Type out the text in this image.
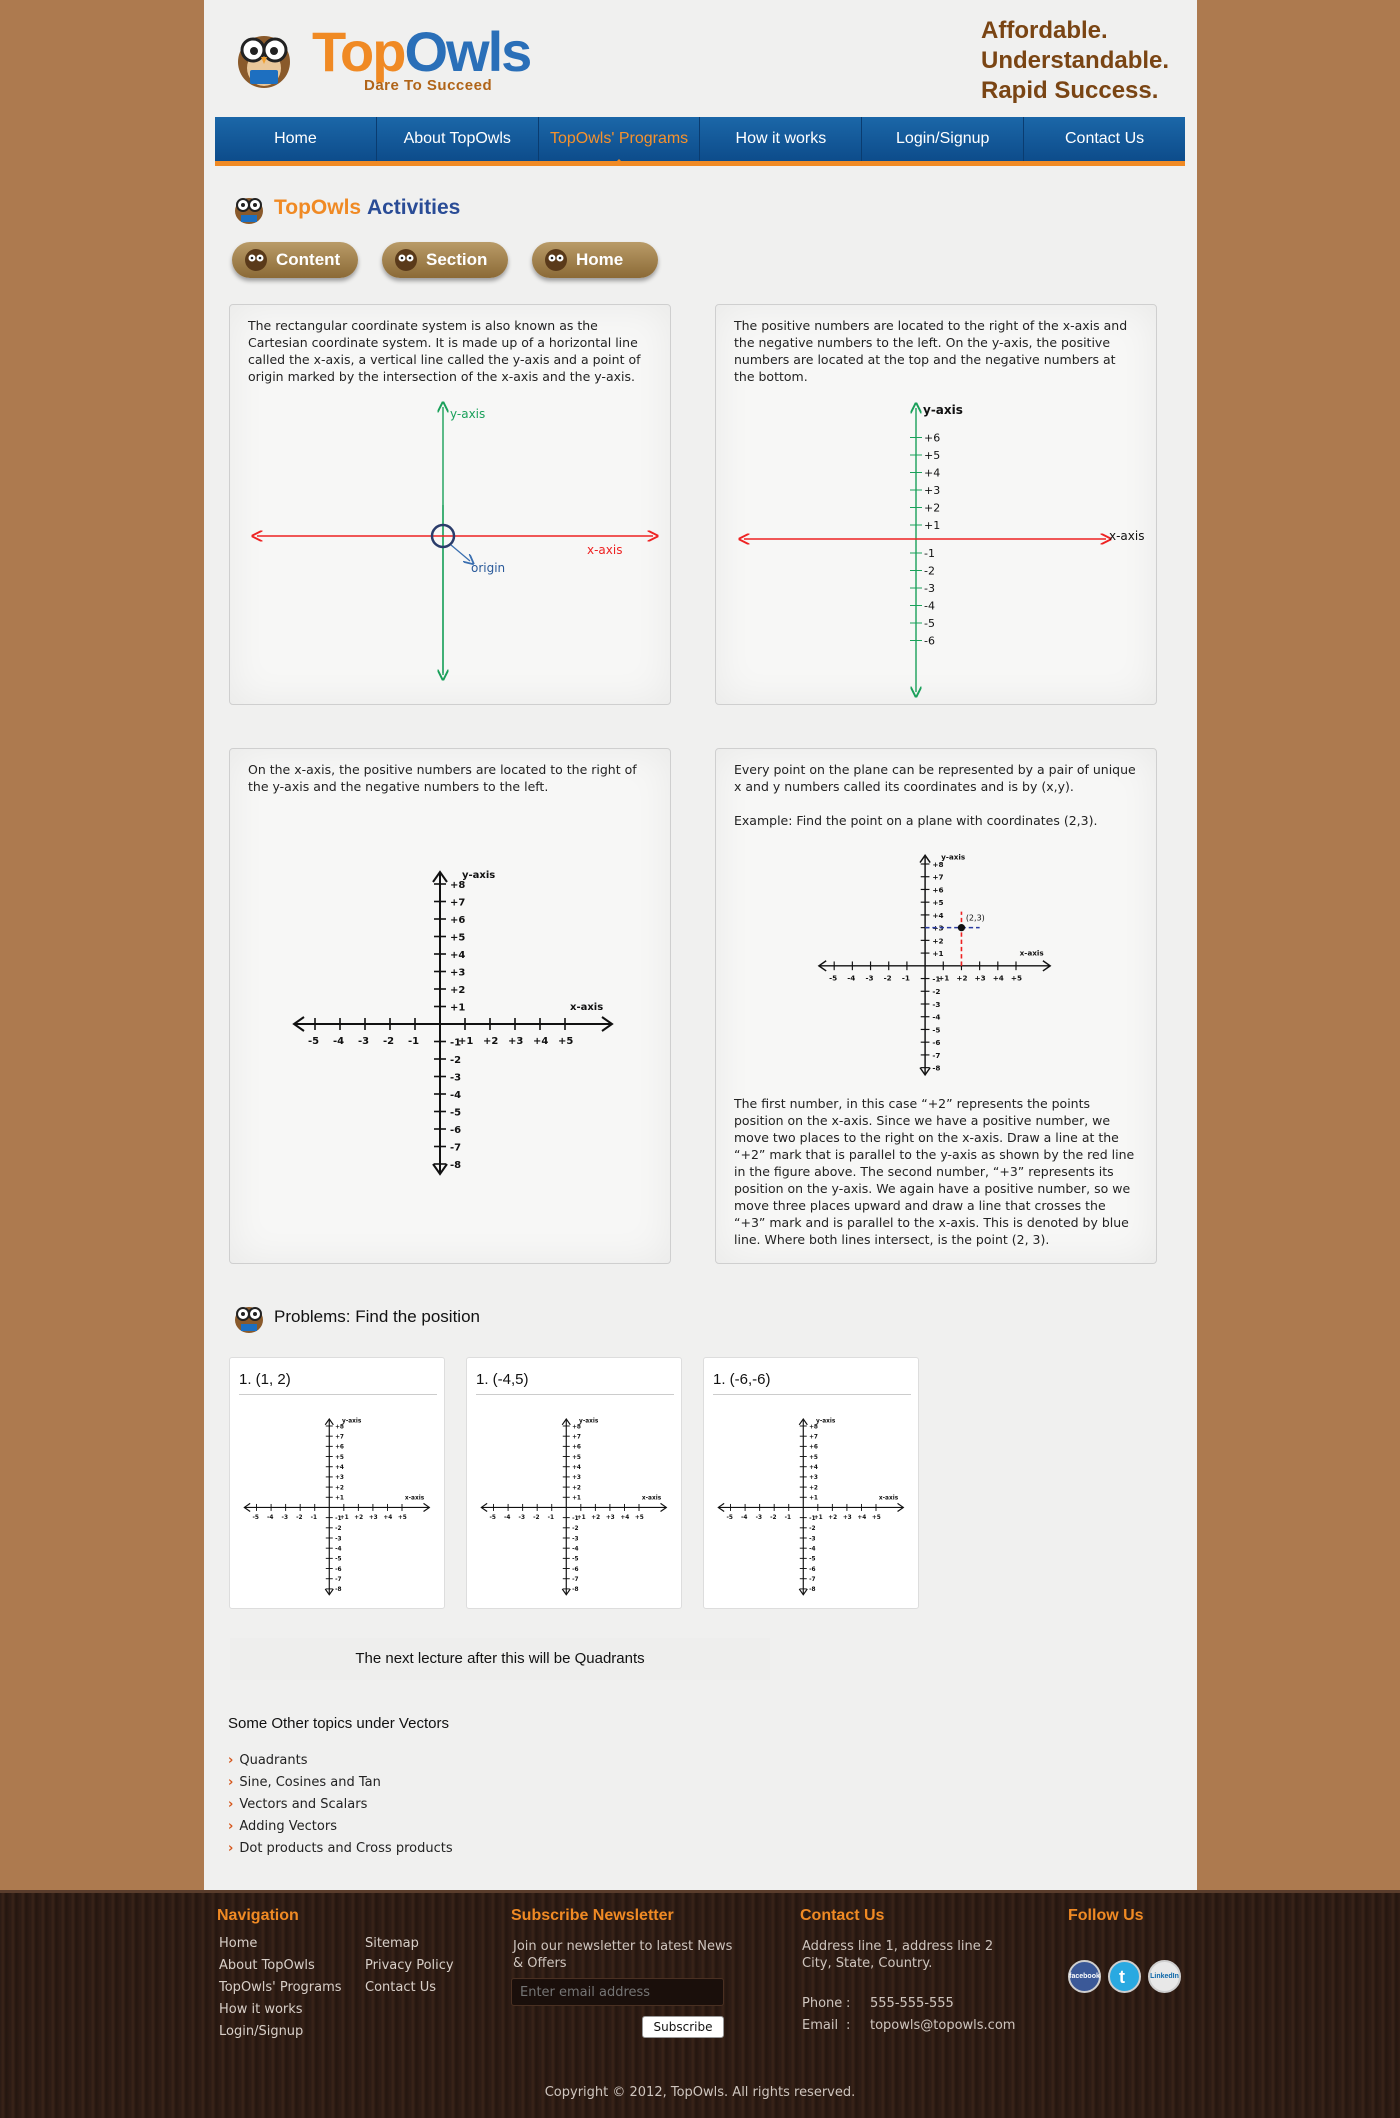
TopOwls
Dare To Succeed
Affordable.
Understandable.
Rapid Success.
Home	About TopOwls	TopOwls' Programs	How it works	Login/Signup	Contact Us
TopOwls
Activities
Content	Section	Home

The rectangular coordinate system is also known as the Cartesian coordinate system. It is made up of a horizontal line called the x-axis, a vertical line called the y-axis and a point of origin marked by the intersection of the x-axis and the y-axis.

y-axis
x-axis
origin

The positive numbers are located to the right of the x-axis and the negative numbers to the left. On the y-axis, the positive numbers are located at the top and the negative numbers at the bottom.

+1
-1
+2
-2
+3
-3
+4
-4
+5
-5
+6
-6
y-axis
x-axis

On the x-axis, the positive numbers are located to the right of the y-axis and the negative numbers to the left.

-8
-7
-6
-5
-4
-3
-2
-1
+1
+2
+3
+4
+5
+6
+7
+8
-5 -4 -3 -2 -1	+1 +2 +3 +4 +5
y-axis
x-axis

Every point on the plane can be represented by a pair of unique x and y numbers called its coordinates and is by (x,y).

Example: Find the point on a plane with coordinates (2,3).

-8
-7
-6
-5
-4
-3
-2
-1
+1
+2
+3
+4
+5
+6
+7
+8
-5 -4 -3 -2 -1	+1 +2 +3 +4 +5
y-axis
x-axis
(2,3)

The first number, in this case “+2” represents the points position on the x-axis. Since we have a positive number, we move two places to the right on the x-axis. Draw a line at the “+2” mark that is parallel to the y-axis as shown by the red line in the figure above. The second number, “+3” represents its position on the y-axis. We again have a positive number, so we move three places upward and draw a line that crosses the “+3” mark and is parallel to the x-axis. This is denoted by blue line. Where both lines intersect, is the point (2, 3).

Problems: Find the position
1. (1, 2)
-8
-7
-6
-5
-4
-3
-2
-1
+1
+2
+3
+4
+5
+6
+7
+8
-5 -4 -3 -2 -1 +1 +2 +3 +4 +5
y-axis
x-axis
1. (-4,5)
-8
-7
-6
-5
-4
-3
-2
-1
+1
+2
+3
+4
+5
+6
+7
+8
-5 -4 -3 -2 -1 +1 +2 +3 +4 +5
y-axis
x-axis
1. (-6,-6)
-8
-7
-6
-5
-4
-3
-2
-1
+1
+2
+3
+4
+5
+6
+7
+8
-5 -4 -3 -2 -1 +1 +2 +3 +4 +5
y-axis
x-axis
The next lecture after this will be Quadrants
Some Other topics under Vectors
› Quadrants
› Sine, Cosines and Tan
› Vectors and Scalars
› Adding Vectors
› Dot products and Cross products
Navigation
Home
About TopOwls
TopOwls' Programs
How it works
Login/Signup
Sitemap
Privacy Policy
Contact Us
Subscribe Newsletter
Join our newsletter to latest News & Offers
Enter email address
Subscribe
Contact Us
Address line 1, address line 2 City, State, Country.
Phone : 555-555-555
Email : topowls@topowls.com
Follow Us
facebook t	LinkedIn
Copyright © 2012, TopOwls. All rights reserved.
